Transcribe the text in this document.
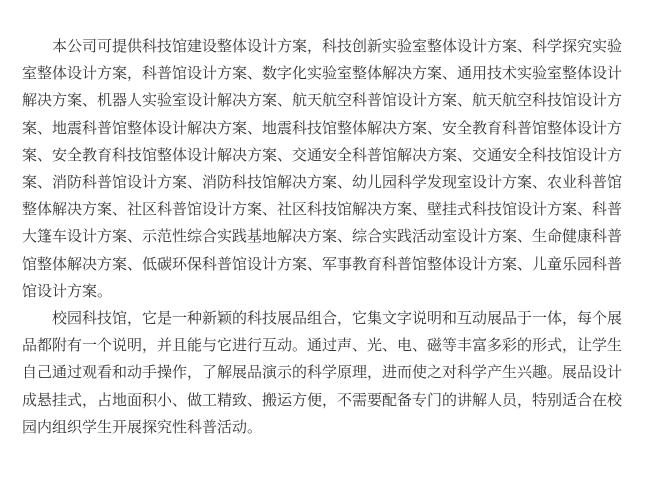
本公司可提供科技馆建设整体设计方案，科技创新实验室整体设计方案、科学探究实验室整体设计方案，科普馆设计方案、数字化实验室整体解决方案、通用技术实验室整体设计解决方案、机器人实验室设计解决方案、航天航空科普馆设计方案、航天航空科技馆设计方案、地震科普馆整体设计解决方案、地震科技馆整体解决方案、安全教育科普馆整体设计方案、安全教育科技馆整体设计解决方案、交通安全科普馆解决方案、交通安全科技馆设计方案、消防科普馆设计方案、消防科技馆解决方案、幼儿园科学发现室设计方案、农业科普馆整体解决方案、社区科普馆设计方案、社区科技馆解决方案、壁挂式科技馆设计方案、科普大篷车设计方案、示范性综合实践基地解决方案、综合实践活动室设计方案、生命健康科普馆整体解决方案、低碳环保科普馆设计方案、军事教育科普馆整体设计方案、儿童乐园科普馆设计方案。

校园科技馆，它是一种新颖的科技展品组合，它集文字说明和互动展品于一体，每个展品都附有一个说明，并且能与它进行互动。通过声、光、电、磁等丰富多彩的形式，让学生自己通过观看和动手操作，了解展品演示的科学原理，进而使之对科学产生兴趣。展品设计成悬挂式，占地面积小、做工精致、搬运方便，不需要配备专门的讲解人员，特别适合在校园内组织学生开展探究性科普活动。
